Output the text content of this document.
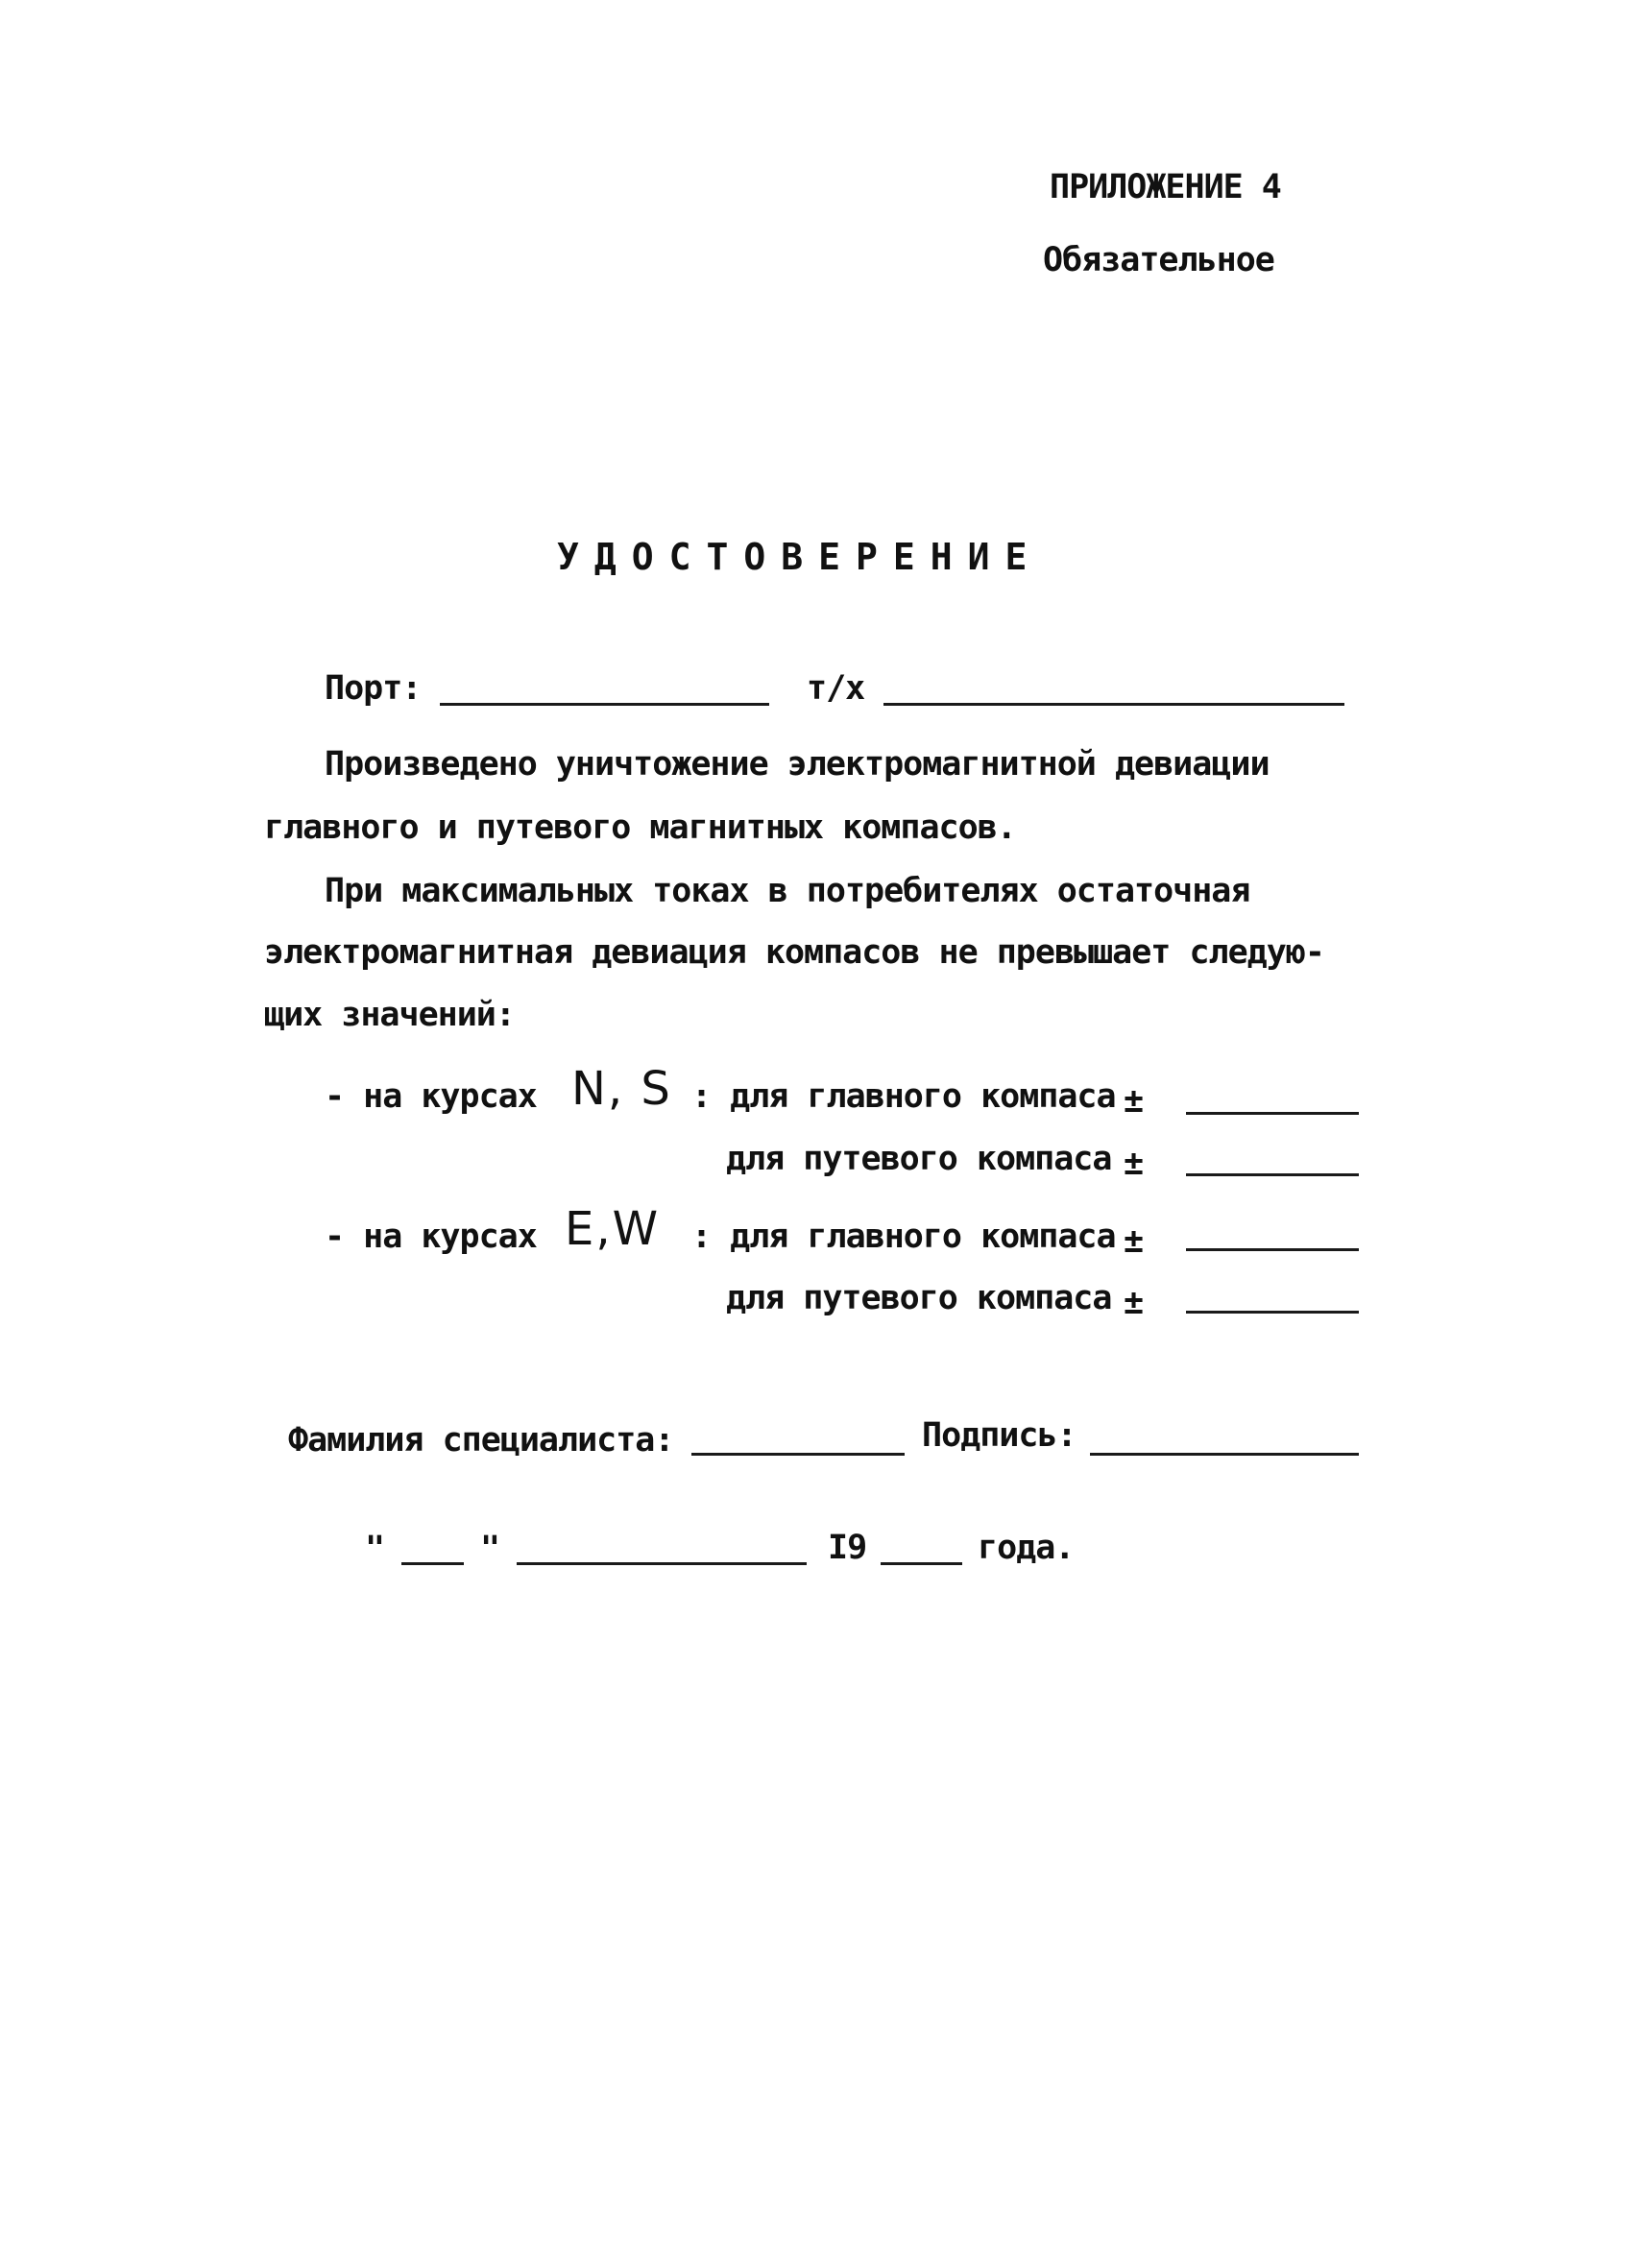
ПРИЛОЖЕНИЕ 4
Обязательное
УДОСТОВЕРЕНИЕ
Порт:	т/х
Произведено уничтожение электромагнитной девиации
главного и путевого магнитных компасов.
При максимальных токах в потребителях остаточная
электромагнитная девиация компасов не превышает следую-
щих значений:
- на курсах N, S : для главного компаса ±
для путевого компаса ±
- на курсах E,W : для главного компаса ±
для путевого компаса ±
Фамилия специалиста:	Подпись:
"	"	I9	года.
